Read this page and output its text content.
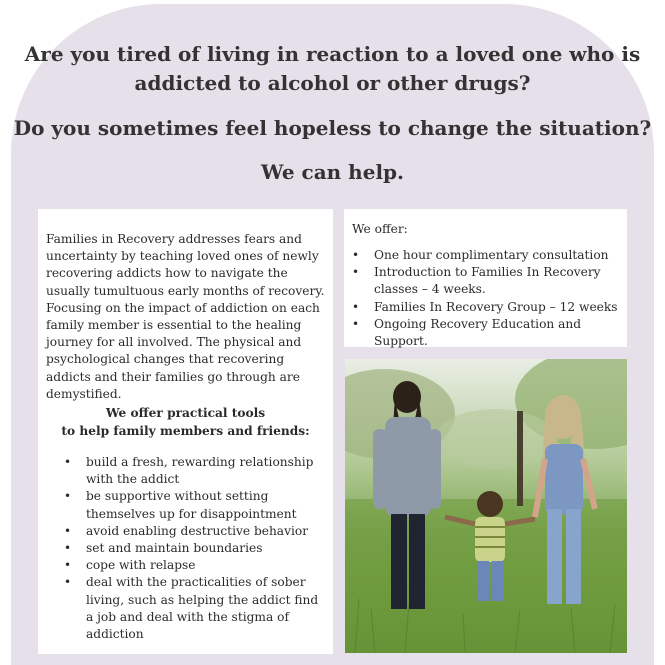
Are you tired of living in reaction to a loved one who is
addicted to alcohol or other drugs?
Do you sometimes feel hopeless to change the situation?
We can help.

Families in Recovery addresses fears and uncertainty by teaching loved ones of newly recovering addicts how to navigate the usually tumultuous early months of recovery. Focusing on the impact of addiction on each family member is essential to the healing journey for all involved. The physical and psychological changes that recovering addicts and their families go through are demystified.

We offer practical tools
to help family members and friends:
• build a fresh, rewarding relationship with the addict
• be supportive without setting themselves up for disappointment
• avoid enabling destructive behavior
• set and maintain boundaries
• cope with relapse
• deal with the practicalities of sober living, such as helping the addict find a job and deal with the stigma of addiction
We offer:
• One hour complimentary consultation
• Introduction to Families In Recovery classes – 4 weeks.
• Families In Recovery Group – 12 weeks
• Ongoing Recovery Education and Support.
